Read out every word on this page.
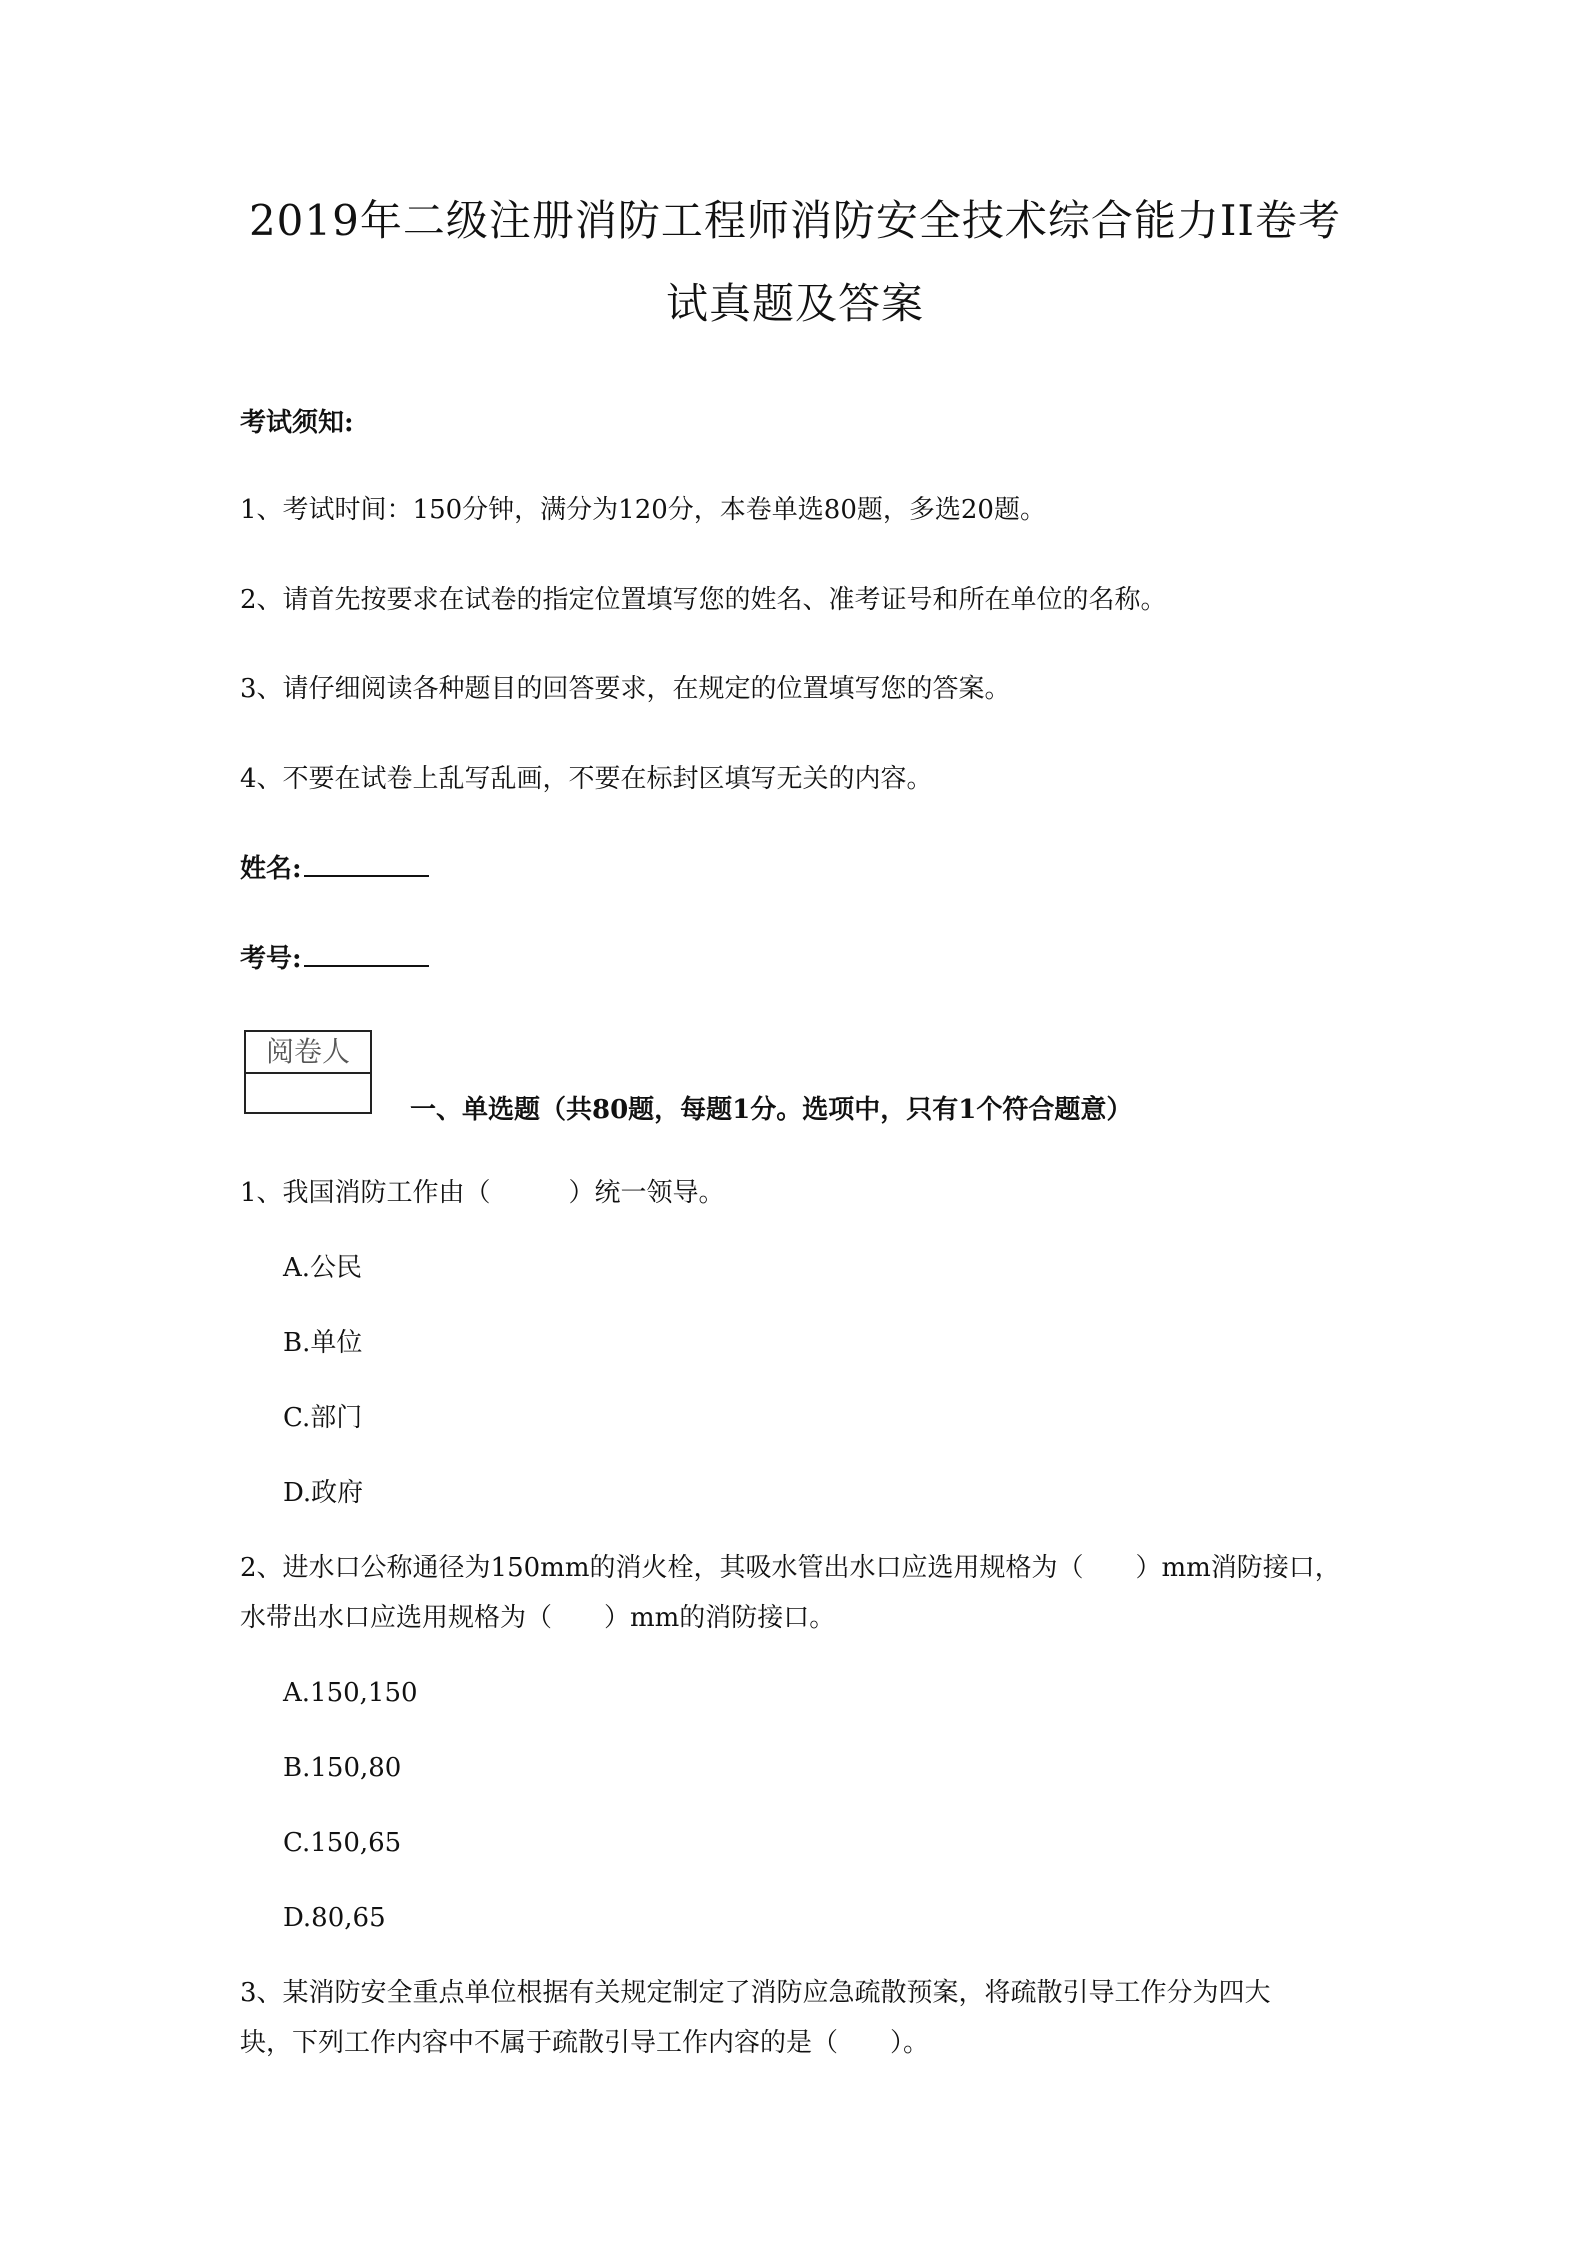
2019年二级注册消防工程师消防安全技术综合能力II卷考
试真题及答案
考试须知:
1、考试时间：150分钟，满分为120分，本卷单选80题，多选20题。
2、请首先按要求在试卷的指定位置填写您的姓名、准考证号和所在单位的名称。
3、请仔细阅读各种题目的回答要求，在规定的位置填写您的答案。
4、不要在试卷上乱写乱画，不要在标封区填写无关的内容。
姓名:
考号:
阅卷人
一、单选题（共80题，每题1分。选项中，只有1个符合题意）
1、我国消防工作由（　　　）统一领导。
A.公民
B.单位
C.部门
D.政府
2、进水口公称通径为150mm的消火栓，其吸水管出水口应选用规格为（　　）mm消防接口，
水带出水口应选用规格为（　　）mm的消防接口。
A.150,150
B.150,80
C.150,65
D.80,65
3、某消防安全重点单位根据有关规定制定了消防应急疏散预案，将疏散引导工作分为四大
块，下列工作内容中不属于疏散引导工作内容的是（　　）。
